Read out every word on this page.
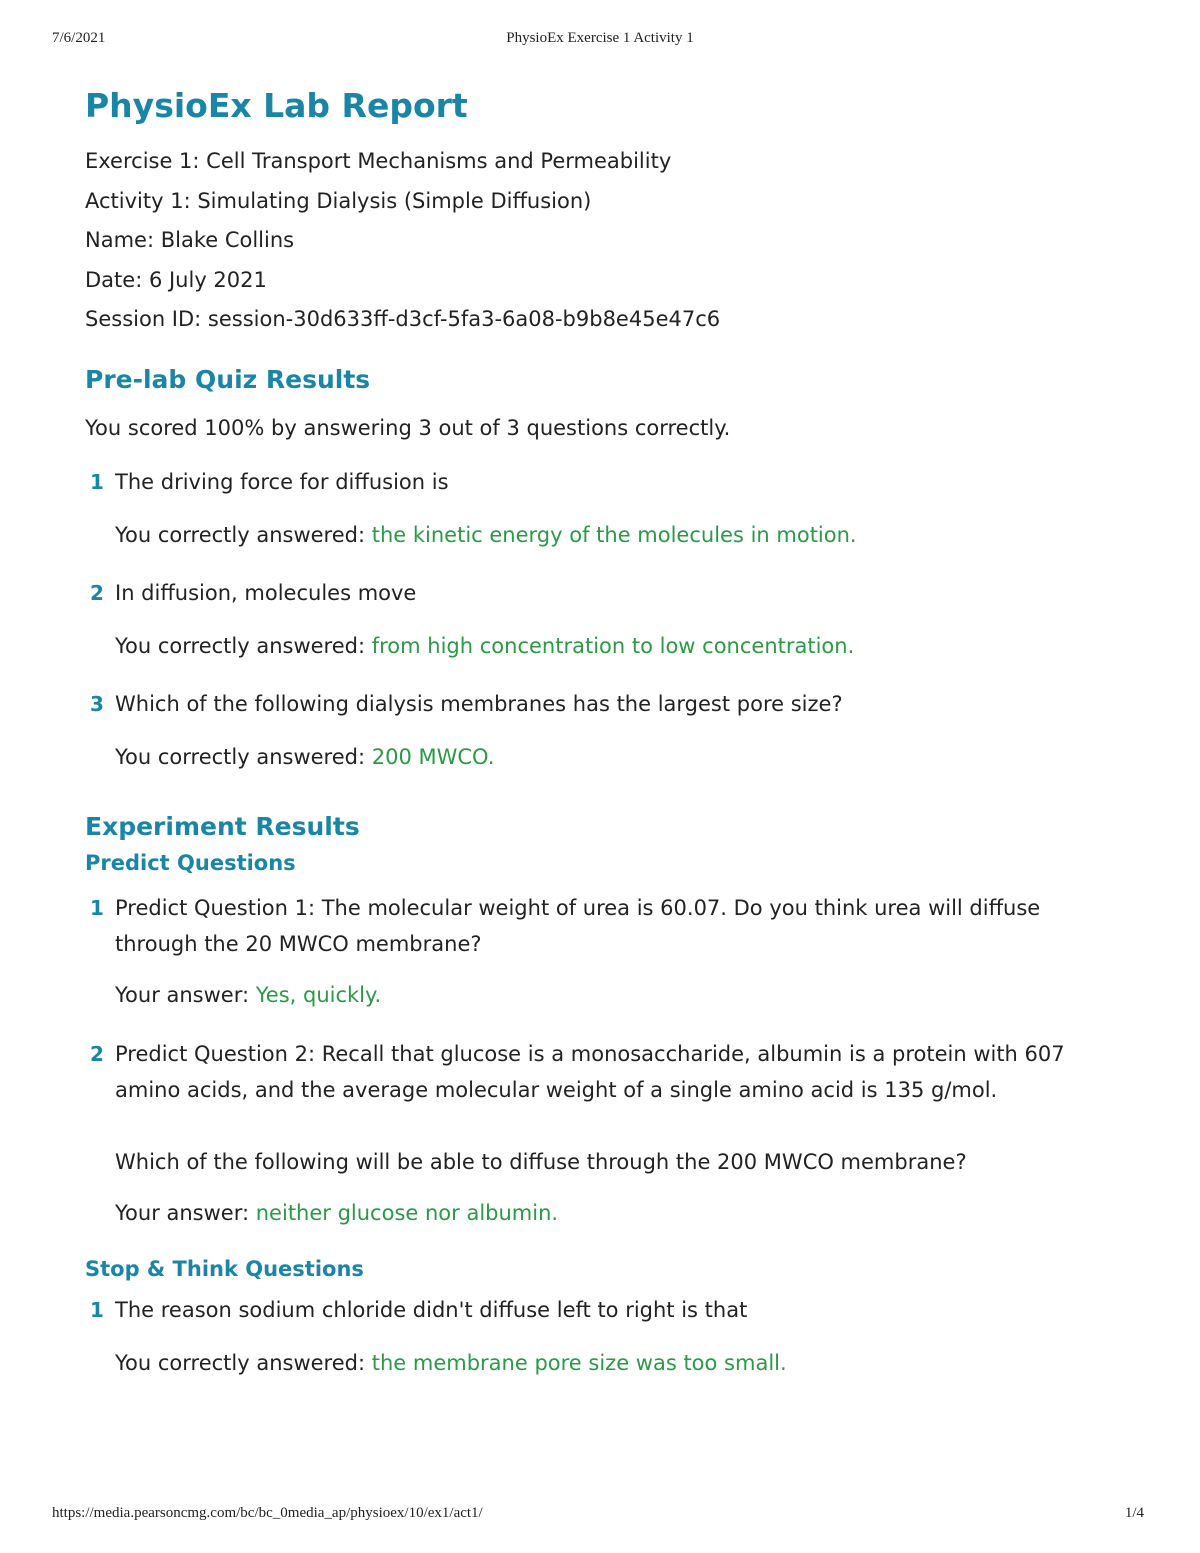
7/6/2021	PhysioEx Exercise 1 Activity 1
PhysioEx Lab Report
Exercise 1: Cell Transport Mechanisms and Permeability
Activity 1: Simulating Dialysis (Simple Diffusion)
Name: Blake Collins
Date: 6 July 2021
Session ID: session-30d633ff-d3cf-5fa3-6a08-b9b8e45e47c6
Pre-lab Quiz Results
You scored 100% by answering 3 out of 3 questions correctly.
1 The driving force for diffusion is
You correctly answered: the kinetic energy of the molecules in motion.
2 In diffusion, molecules move
You correctly answered: from high concentration to low concentration.
3 Which of the following dialysis membranes has the largest pore size?
You correctly answered: 200 MWCO.
Experiment Results
Predict Questions
1 Predict Question 1: The molecular weight of urea is 60.07. Do you think urea will diffuse through the 20 MWCO membrane?
Your answer: Yes, quickly.
2 Predict Question 2: Recall that glucose is a monosaccharide, albumin is a protein with 607 amino acids, and the average molecular weight of a single amino acid is 135 g/mol.
Which of the following will be able to diffuse through the 200 MWCO membrane?
Your answer: neither glucose nor albumin.
Stop & Think Questions
1 The reason sodium chloride didn't diffuse left to right is that
You correctly answered: the membrane pore size was too small.
https://media.pearsoncmg.com/bc/bc_0media_ap/physioex/10/ex1/act1/	1/4
